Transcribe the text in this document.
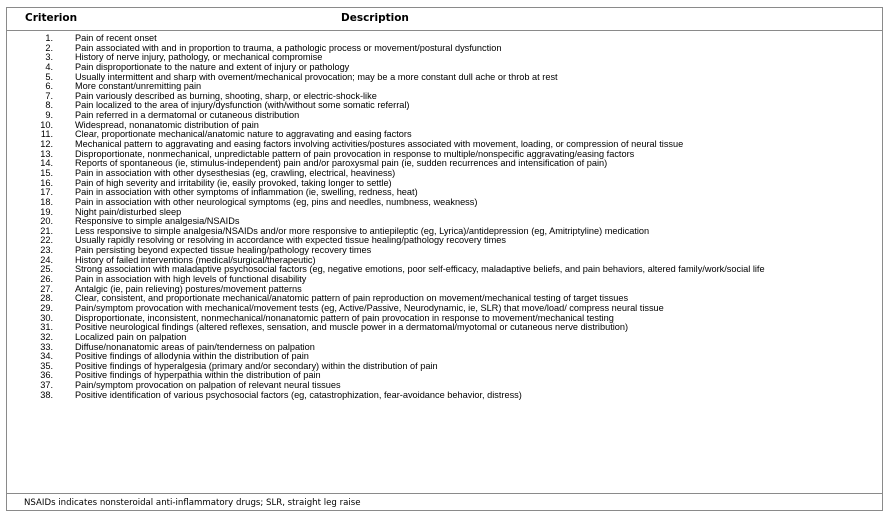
Criterion	Description
1. Pain of recent onset
2. Pain associated with and in proportion to trauma, a pathologic process or movement/postural dysfunction
3. History of nerve injury, pathology, or mechanical compromise
4. Pain disproportionate to the nature and extent of injury or pathology
5. Usually intermittent and sharp with ovement/mechanical provocation; may be a more constant dull ache or throb at rest
6. More constant/unremitting pain
7. Pain variously described as burning, shooting, sharp, or electric-shock-like
8. Pain localized to the area of injury/dysfunction (with/without some somatic referral)
9. Pain referred in a dermatomal or cutaneous distribution
10. Widespread, nonanatomic distribution of pain
11. Clear, proportionate mechanical/anatomic nature to aggravating and easing factors
12. Mechanical pattern to aggravating and easing factors involving activities/postures associated with movement, loading, or compression of neural tissue
13. Disproportionate, nonmechanical, unpredictable pattern of pain provocation in response to multiple/nonspecific aggravating/easing factors
14. Reports of spontaneous (ie, stimulus-independent) pain and/or paroxysmal pain (ie, sudden recurrences and intensification of pain)
15. Pain in association with other dysesthesias (eg, crawling, electrical, heaviness)
16. Pain of high severity and irritability (ie, easily provoked, taking longer to settle)
17. Pain in association with other symptoms of inflammation (ie, swelling, redness, heat)
18. Pain in association with other neurological symptoms (eg, pins and needles, numbness, weakness)
19. Night pain/disturbed sleep
20. Responsive to simple analgesia/NSAIDs
21. Less responsive to simple analgesia/NSAIDs and/or more responsive to antiepileptic (eg, Lyrica)/antidepression (eg, Amitriptyline) medication
22. Usually rapidly resolving or resolving in accordance with expected tissue healing/pathology recovery times
23. Pain persisting beyond expected tissue healing/pathology recovery times
24. History of failed interventions (medical/surgical/therapeutic)
25. Strong association with maladaptive psychosocial factors (eg, negative emotions, poor self-efficacy, maladaptive beliefs, and pain behaviors, altered family/work/social life
26. Pain in association with high levels of functional disability
27. Antalgic (ie, pain relieving) postures/movement patterns
28. Clear, consistent, and proportionate mechanical/anatomic pattern of pain reproduction on movement/mechanical testing of target tissues
29. Pain/symptom provocation with mechanical/movement tests (eg, Active/Passive, Neurodynamic, ie, SLR) that move/load/ compress neural tissue
30. Disproportionate, inconsistent, nonmechanical/nonanatomic pattern of pain provocation in response to movement/mechanical testing
31. Positive neurological findings (altered reflexes, sensation, and muscle power in a dermatomal/myotomal or cutaneous nerve distribution)
32. Localized pain on palpation
33. Diffuse/nonanatomic areas of pain/tenderness on palpation
34. Positive findings of allodynia within the distribution of pain
35. Positive findings of hyperalgesia (primary and/or secondary) within the distribution of pain
36. Positive findings of hyperpathia within the distribution of pain
37. Pain/symptom provocation on palpation of relevant neural tissues
38. Positive identification of various psychosocial factors (eg, catastrophization, fear-avoidance behavior, distress)
NSAIDs indicates nonsteroidal anti-inflammatory drugs; SLR, straight leg raise
